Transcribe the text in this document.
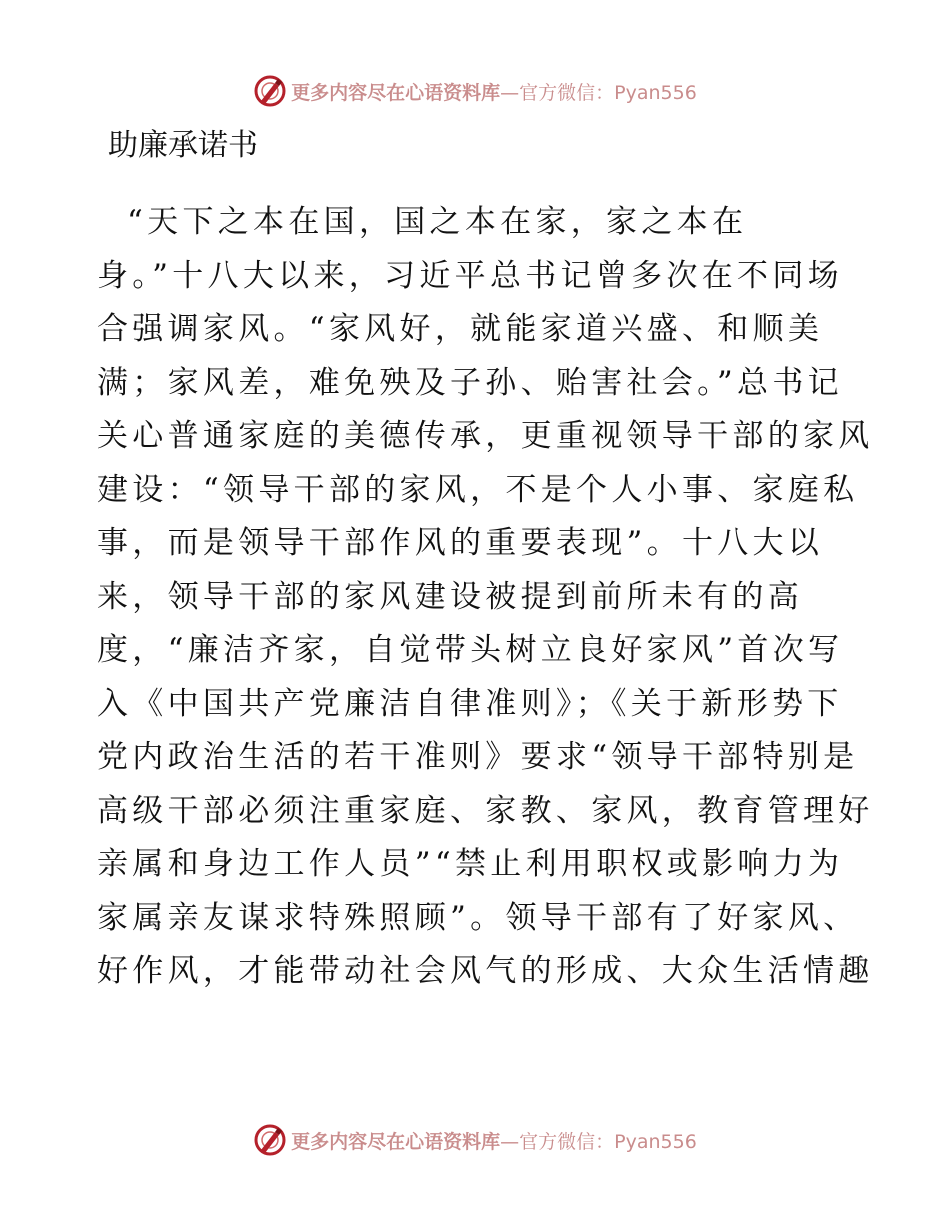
更多内容尽在心语资料库 —官方微信：Pyan556
助廉承诺书
“天下之本在国，国之本在家，家之本在
身。”十八大以来，习近平总书记曾多次在不同场
合强调家风。“家风好，就能家道兴盛、和顺美
满；家风差，难免殃及子孙、贻害社会。”总书记
关心普通家庭的美德传承，更重视领导干部的家风
建设：“领导干部的家风，不是个人小事、家庭私
事，而是领导干部作风的重要表现”。十八大以
来，领导干部的家风建设被提到前所未有的高
度，“廉洁齐家，自觉带头树立良好家风”首次写
入《中国共产党廉洁自律准则》；《关于新形势下
党内政治生活的若干准则》要求“领导干部特别是
高级干部必须注重家庭、家教、家风，教育管理好
亲属和身边工作人员”“禁止利用职权或影响力为
家属亲友谋求特殊照顾”。领导干部有了好家风、
好作风，才能带动社会风气的形成、大众生活情趣
更多内容尽在心语资料库 —官方微信：Pyan556
